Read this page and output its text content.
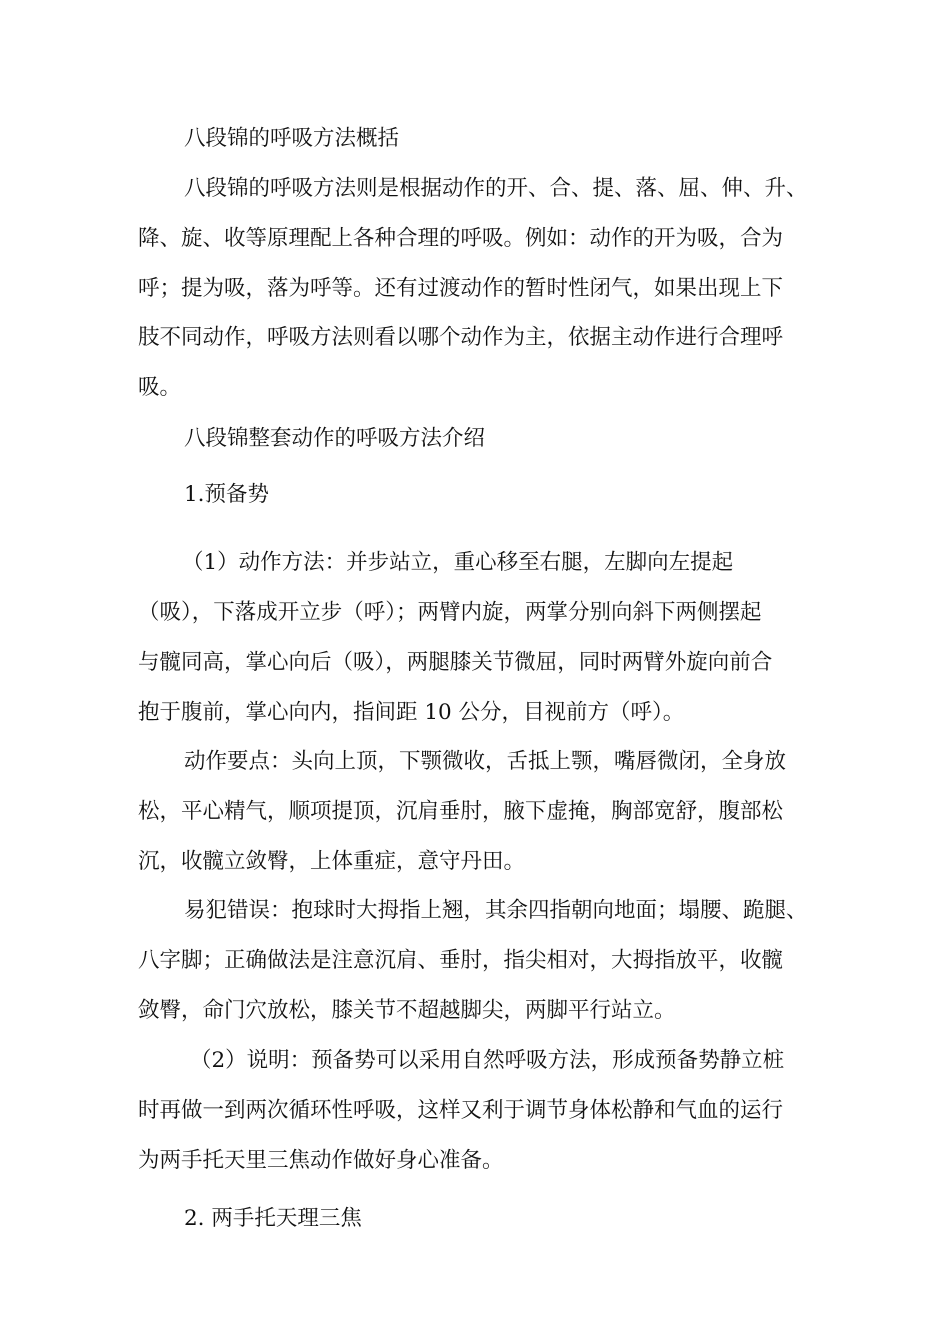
八段锦的呼吸方法概括

八段锦的呼吸方法则是根据动作的开、合、提、落、屈、伸、升、

降、旋、收等原理配上各种合理的呼吸。例如：动作的开为吸，合为

呼；提为吸，落为呼等。还有过渡动作的暂时性闭气，如果出现上下

肢不同动作，呼吸方法则看以哪个动作为主，依据主动作进行合理呼

吸。

八段锦整套动作的呼吸方法介绍

1.预备势

（1）动作方法：并步站立，重心移至右腿，左脚向左提起

（吸），下落成开立步（呼）；两臂内旋，两掌分别向斜下两侧摆起

与髋同高，掌心向后（吸），两腿膝关节微屈，同时两臂外旋向前合

抱于腹前，掌心向内，指间距 10 公分，目视前方（呼）。

动作要点：头向上顶，下颚微收，舌抵上颚，嘴唇微闭，全身放

松，平心精气，顺项提顶，沉肩垂肘，腋下虚掩，胸部宽舒，腹部松

沉，收髋立敛臀，上体重症，意守丹田。

易犯错误：抱球时大拇指上翘，其余四指朝向地面；塌腰、跪腿、

八字脚；正确做法是注意沉肩、垂肘，指尖相对，大拇指放平，收髋

敛臀，命门穴放松，膝关节不超越脚尖，两脚平行站立。

（2）说明：预备势可以采用自然呼吸方法，形成预备势静立桩

时再做一到两次循环性呼吸，这样又利于调节身体松静和气血的运行

为两手托天里三焦动作做好身心准备。

2. 两手托天理三焦
